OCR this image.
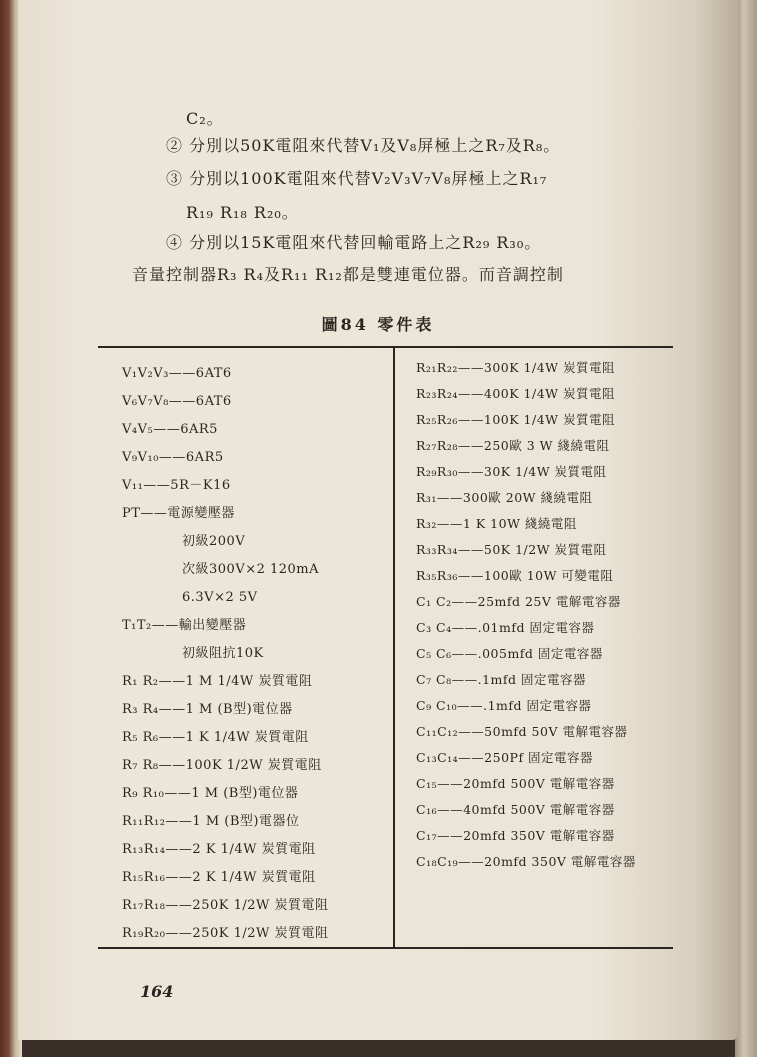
C₂。
② 分別以50K電阻來代替V₁及V₈屏極上之R₇及R₈。
③ 分別以100K電阻來代替V₂V₃V₇V₈屏極上之R₁₇
R₁₉ R₁₈ R₂₀。
④ 分別以15K電阻來代替回輸電路上之R₂₉ R₃₀。
音量控制器R₃ R₄及R₁₁ R₁₂都是雙連電位器。而音調控制
圖84 零件表
V₁V₂V₃——6AT6
V₆V₇V₈——6AT6
V₄V₅——6AR5
V₉V₁₀——6AR5
V₁₁——5R－K16
PT——電源變壓器
初級200V
次級300V×2 120mA
6.3V×2 5V
T₁T₂——輸出變壓器
初級阻抗10K
R₁ R₂——1 M 1/4W 炭質電阻
R₃ R₄——1 M (B型)電位器
R₅ R₆——1 K 1/4W 炭質電阻
R₇ R₈——100K 1/2W 炭質電阻
R₉ R₁₀——1 M (B型)電位器
R₁₁R₁₂——1 M (B型)電器位
R₁₃R₁₄——2 K 1/4W 炭質電阻
R₁₅R₁₆——2 K 1/4W 炭質電阻
R₁₇R₁₈——250K 1/2W 炭質電阻
R₁₉R₂₀——250K 1/2W 炭質電阻
R₂₁R₂₂——300K 1/4W 炭質電阻
R₂₃R₂₄——400K 1/4W 炭質電阻
R₂₅R₂₆——100K 1/4W 炭質電阻
R₂₇R₂₈——250歐 3 W 綫繞電阻
R₂₉R₃₀——30K 1/4W 炭質電阻
R₃₁——300歐 20W 綫繞電阻
R₃₂——1 K 10W 綫繞電阻
R₃₃R₃₄——50K 1/2W 炭質電阻
R₃₅R₃₆——100歐 10W 可變電阻
C₁ C₂——25mfd 25V 電解電容器
C₃ C₄——.01mfd 固定電容器
C₅ C₆——.005mfd 固定電容器
C₇ C₈——.1mfd 固定電容器
C₉ C₁₀——.1mfd 固定電容器
C₁₁C₁₂——50mfd 50V 電解電容器
C₁₃C₁₄——250Pf 固定電容器
C₁₅——20mfd 500V 電解電容器
C₁₆——40mfd 500V 電解電容器
C₁₇——20mfd 350V 電解電容器
C₁₈C₁₉——20mfd 350V 電解電容器
164
